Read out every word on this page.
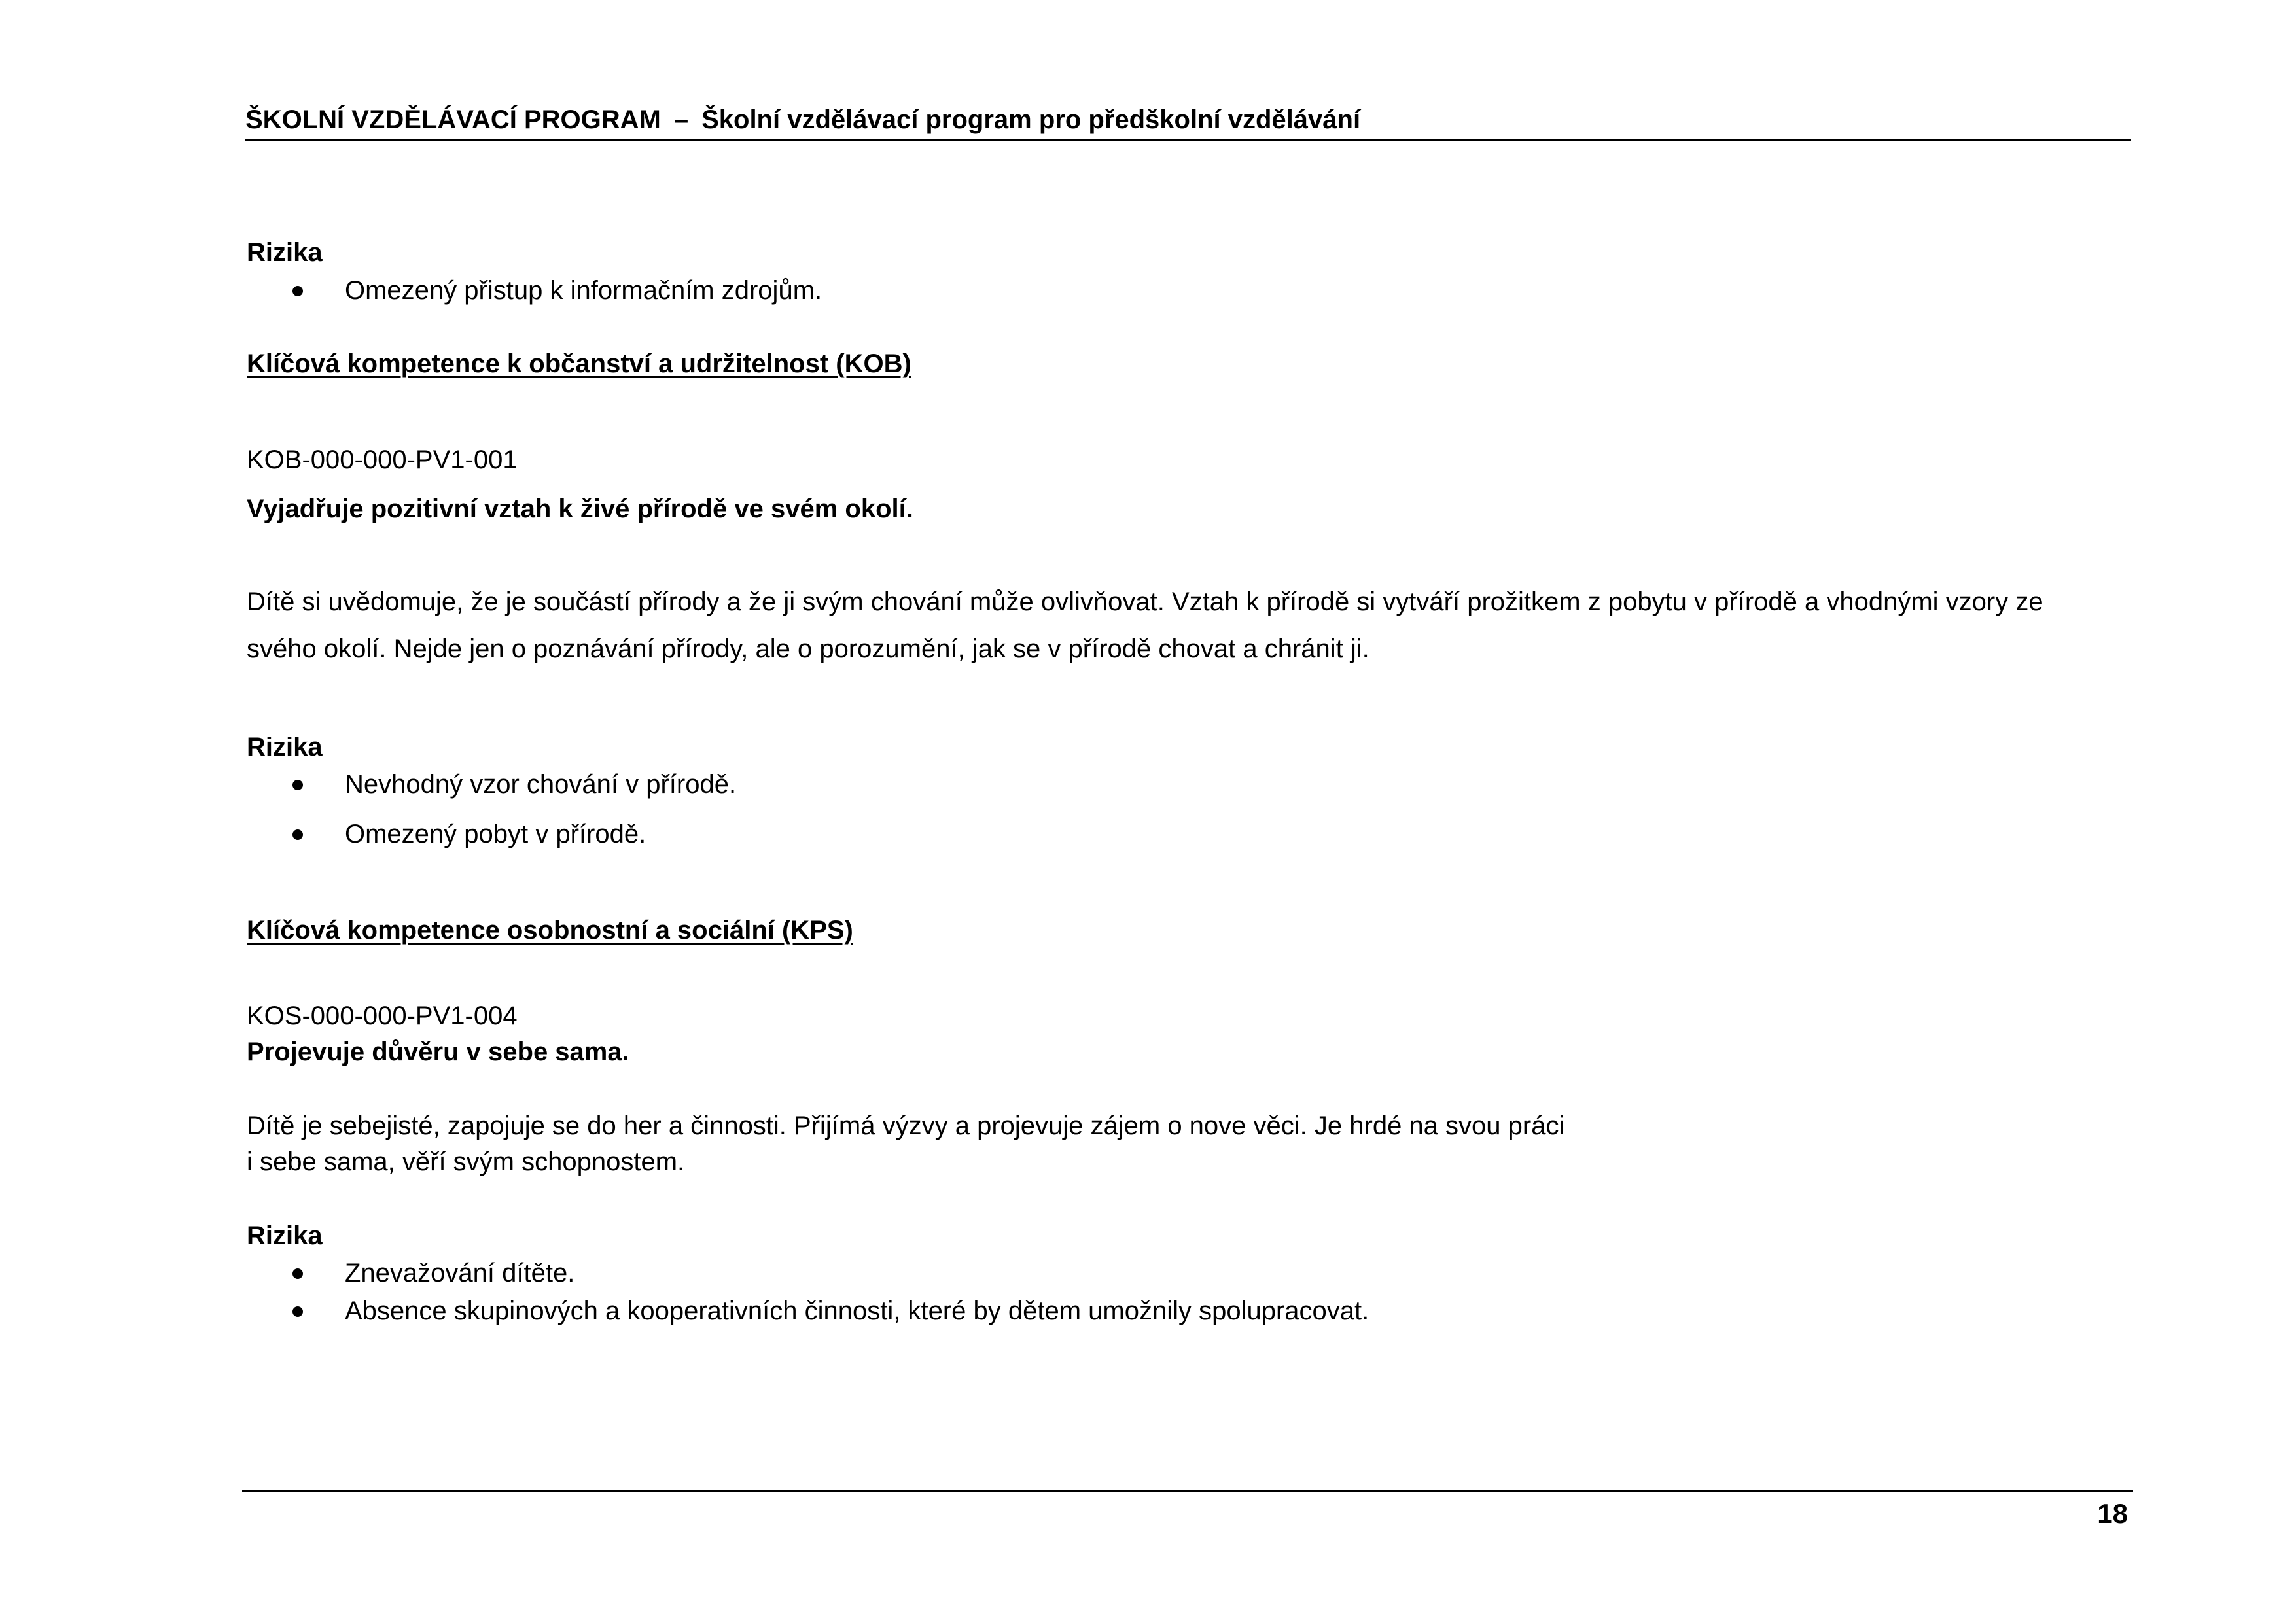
ŠKOLNÍ VZDĚLÁVACÍ PROGRAM – Školní vzdělávací program pro předškolní vzdělávání
Rizika
Omezený přistup k informačním zdrojům.
Klíčová kompetence k občanství a udržitelnost (KOB)
KOB-000-000-PV1-001
Vyjadřuje pozitivní vztah k živé přírodě ve svém okolí.
Dítě si uvědomuje, že je součástí přírody a že ji svým chování může ovlivňovat. Vztah k přírodě si vytváří prožitkem z pobytu v přírodě a vhodnými vzory ze
svého okolí. Nejde jen o poznávání přírody, ale o porozumění, jak se v přírodě chovat a chránit ji.
Rizika
Nevhodný vzor chování v přírodě.
Omezený pobyt v přírodě.
Klíčová kompetence osobnostní a sociální (KPS)
KOS-000-000-PV1-004
Projevuje důvěru v sebe sama.
Dítě je sebejisté, zapojuje se do her a činnosti. Přijímá výzvy a projevuje zájem o nove věci. Je hrdé na svou práci
i sebe sama, věří svým schopnostem.
Rizika
Znevažování dítěte.
Absence skupinových a kooperativních činnosti, které by dětem umožnily spolupracovat.
18
